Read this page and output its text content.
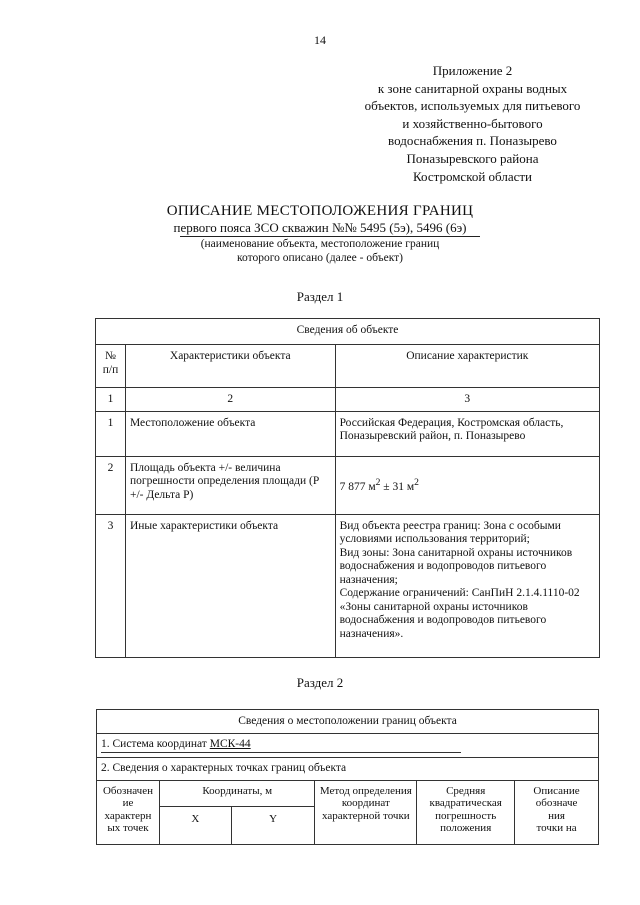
14
Приложение 2
к зоне санитарной охраны водных
объектов, используемых для питьевого
и хозяйственно-бытового
водоснабжения п. Поназырево
Поназыревского района
Костромской области
ОПИСАНИЕ МЕСТОПОЛОЖЕНИЯ ГРАНИЦ
первого пояса ЗСО скважин №№ 5495 (5э), 5496 (6э)
(наименование объекта, местоположение границ
которого описано (далее - объект)
Раздел 1
Сведения об объекте		
№
п/п	Характеристики объекта	Описание характеристик
1	2	3
1	Местоположение объекта	Российская Федерация, Костромская область, Поназыревский район, п. Поназырево
2	Площадь объекта +/- величина погрешности определения площади (Р +/- Дельта Р)	7 877 $м^2 \pm 31$ $м^2$
3	Иные характеристики объекта	Вид объекта реестра границ: Зона с особыми условиями использования территорий;
Вид зоны: Зона санитарной охраны источников водоснабжения и водопроводов питьевого назначения;
Содержание ограничений: СанПиН 2.1.4.1110-02 «Зоны санитарной охраны источников водоснабжения и водопроводов питьевого назначения».
Раздел 2
Сведения о местоположении границ объекта					
1. Система координат МСК-44					
2. Сведения о характерных точках границ объекта					
Обозначен
ие
характерн
ых точек	Координаты, м		Метод определения
координат
характерной точки	Средняя
квадратическая
погрешность
положения	Описание
обозначе
ния
точки на
	X	Y			
